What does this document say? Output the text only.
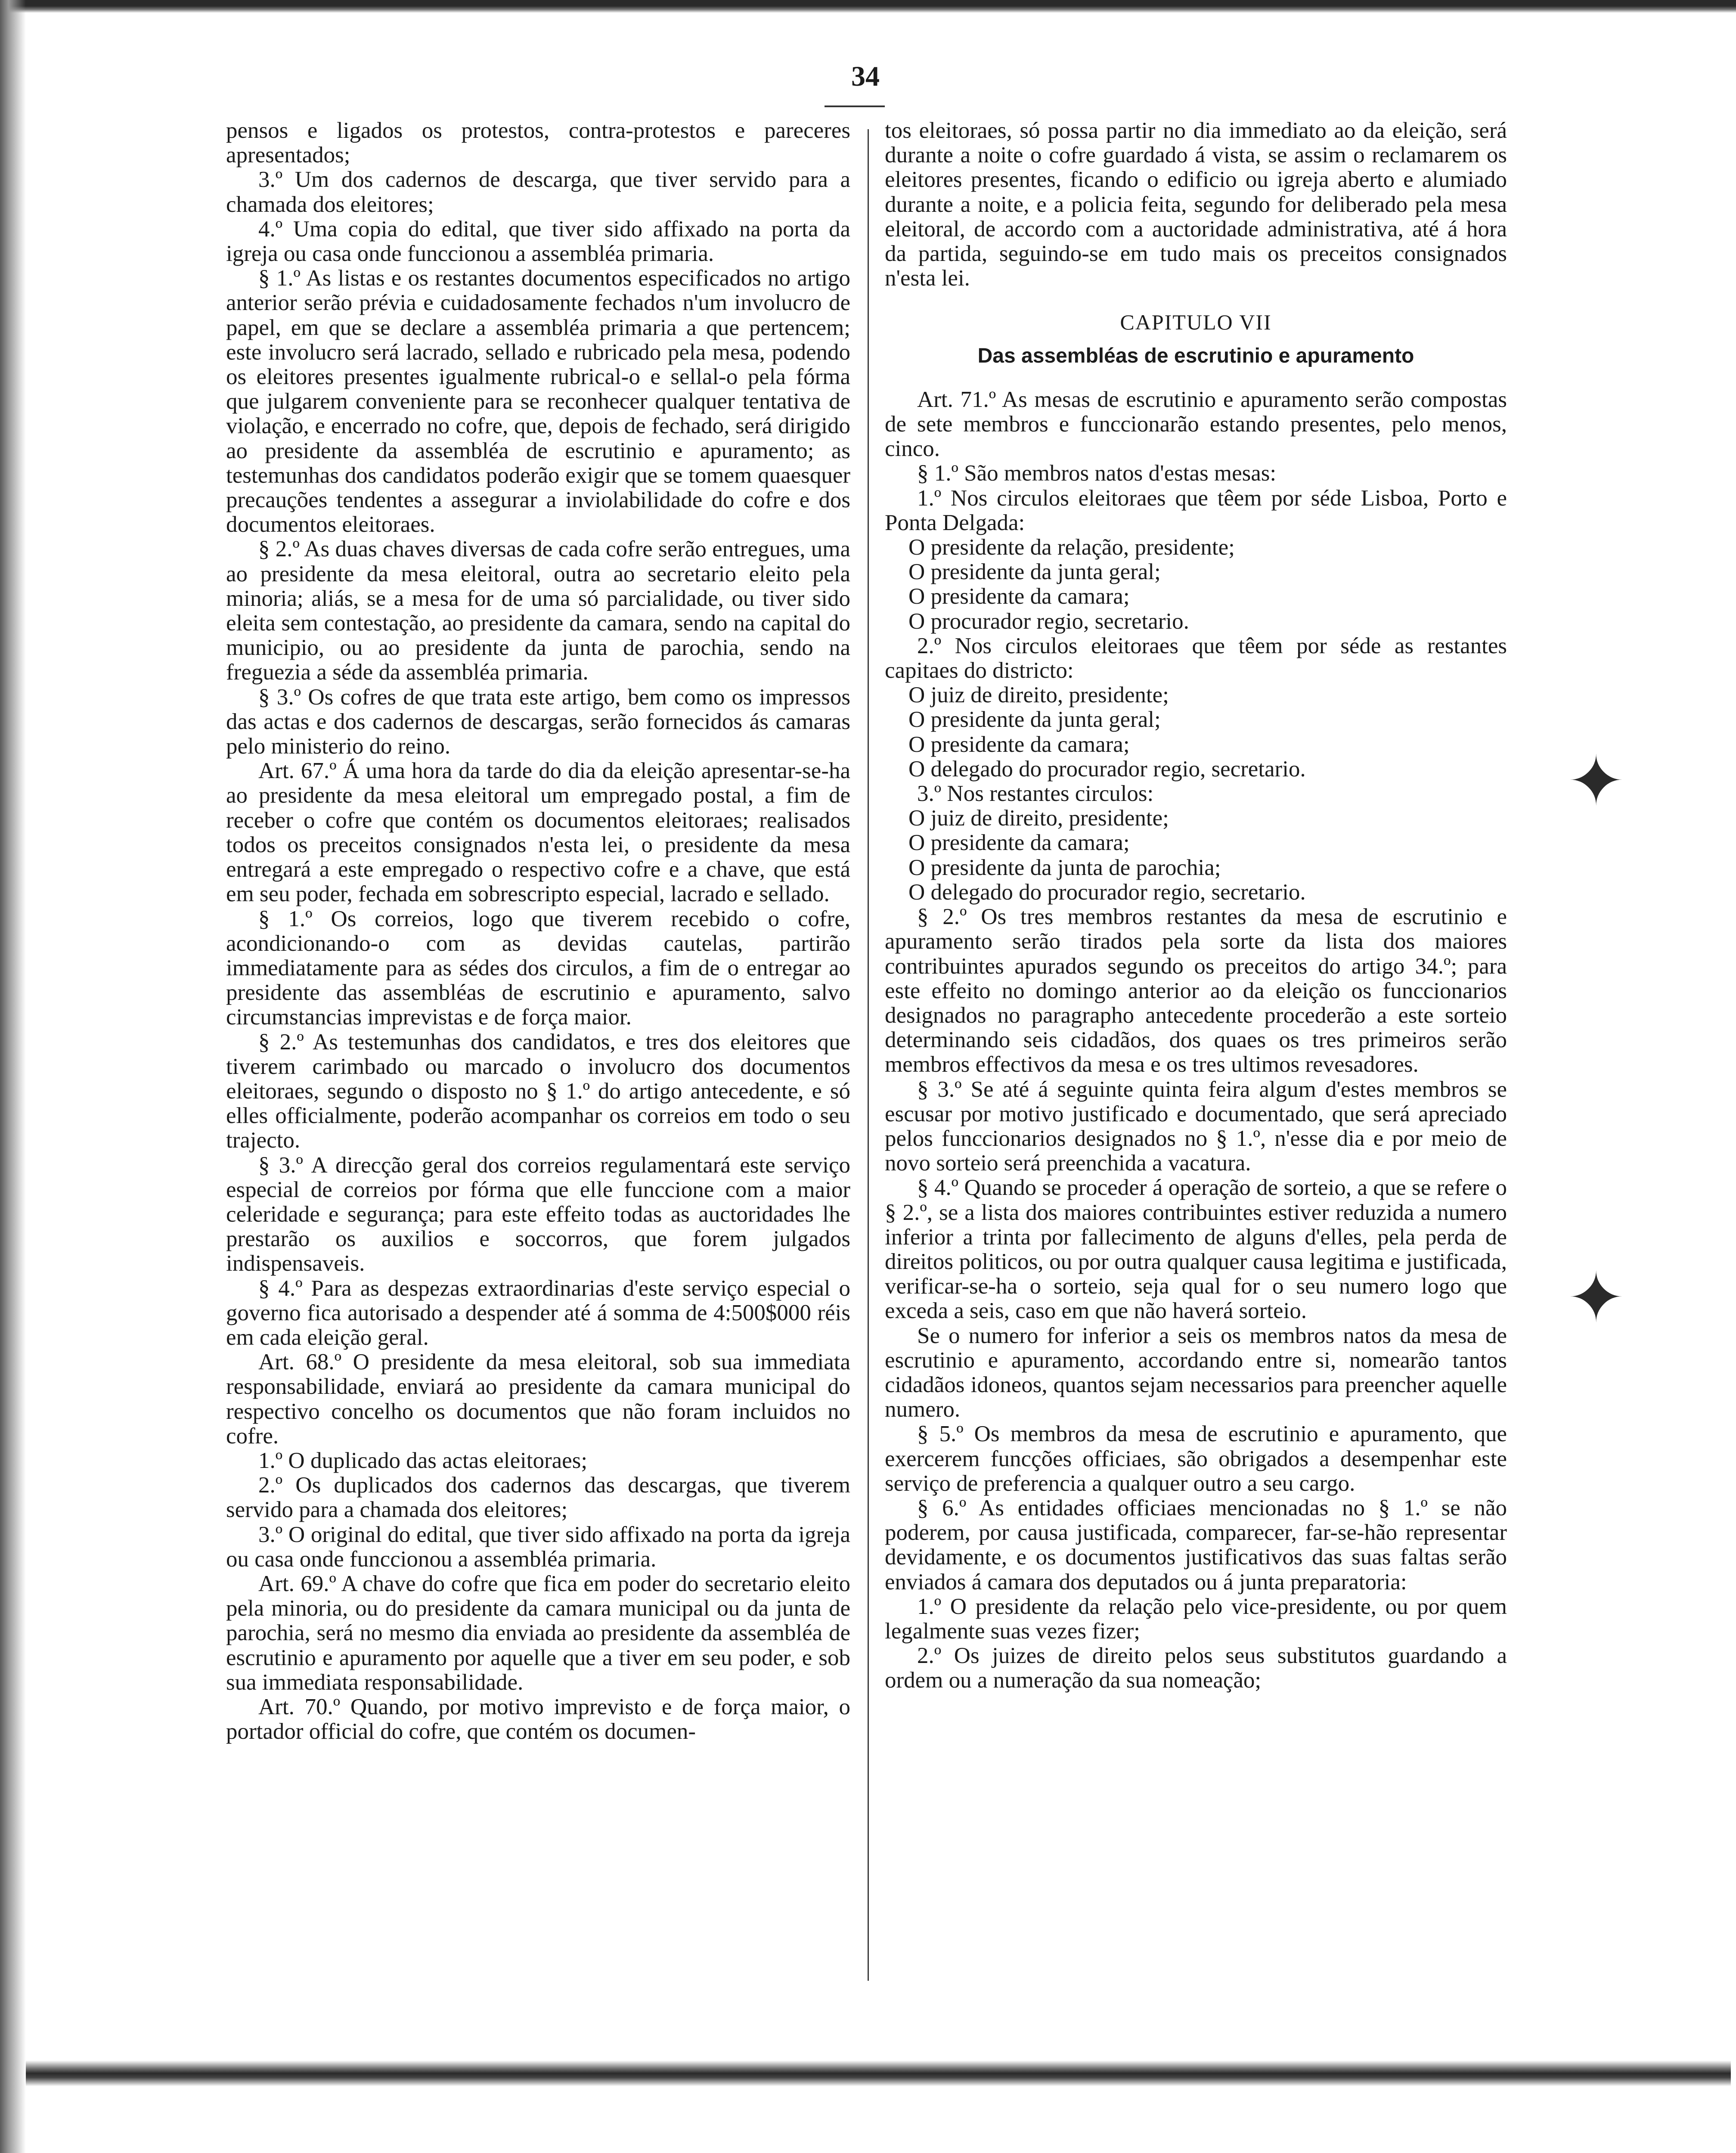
34

pensos e ligados os protestos, contra-protestos e pareceres apresentados;

3.º Um dos cadernos de descarga, que tiver servido para a chamada dos eleitores;

4.º Uma copia do edital, que tiver sido affixado na porta da igreja ou casa onde funccionou a assembléa primaria.

§ 1.º As listas e os restantes documentos especificados no artigo anterior serão prévia e cuidadosamente fechados n'um involucro de papel, em que se declare a assembléa primaria a que pertencem; este involucro será lacrado, sellado e rubricado pela mesa, podendo os eleitores presentes igualmente rubrical-o e sellal-o pela fórma que julgarem conveniente para se reconhecer qualquer tentativa de violação, e encerrado no cofre, que, depois de fechado, será dirigido ao presidente da assembléa de escrutinio e apuramento; as testemunhas dos candidatos poderão exigir que se tomem quaesquer precauções tendentes a assegurar a inviolabilidade do cofre e dos documentos eleitoraes.

§ 2.º As duas chaves diversas de cada cofre serão entregues, uma ao presidente da mesa eleitoral, outra ao secretario eleito pela minoria; aliás, se a mesa for de uma só parcialidade, ou tiver sido eleita sem contestação, ao presidente da camara, sendo na capital do municipio, ou ao presidente da junta de parochia, sendo na freguezia a séde da assembléa primaria.

§ 3.º Os cofres de que trata este artigo, bem como os impressos das actas e dos cadernos de descargas, serão fornecidos ás camaras pelo ministerio do reino.

Art. 67.º Á uma hora da tarde do dia da eleição apresentar-se-ha ao presidente da mesa eleitoral um empregado postal, a fim de receber o cofre que contém os documentos eleitoraes; realisados todos os preceitos consignados n'esta lei, o presidente da mesa entregará a este empregado o respectivo cofre e a chave, que está em seu poder, fechada em sobrescripto especial, lacrado e sellado.

§ 1.º Os correios, logo que tiverem recebido o cofre, acondicionando-o com as devidas cautelas, partirão immediatamente para as sédes dos circulos, a fim de o entregar ao presidente das assembléas de escrutinio e apuramento, salvo circumstancias imprevistas e de força maior.

§ 2.º As testemunhas dos candidatos, e tres dos eleitores que tiverem carimbado ou marcado o involucro dos documentos eleitoraes, segundo o disposto no § 1.º do artigo antecedente, e só elles officialmente, poderão acompanhar os correios em todo o seu trajecto.

§ 3.º A direcção geral dos correios regulamentará este serviço especial de correios por fórma que elle funccione com a maior celeridade e segurança; para este effeito todas as auctoridades lhe prestarão os auxilios e soccorros, que forem julgados indispensaveis.

§ 4.º Para as despezas extraordinarias d'este serviço especial o governo fica autorisado a despender até á somma de 4:500$000 réis em cada eleição geral.

Art. 68.º O presidente da mesa eleitoral, sob sua immediata responsabilidade, enviará ao presidente da camara municipal do respectivo concelho os documentos que não foram incluidos no cofre.

1.º O duplicado das actas eleitoraes;

2.º Os duplicados dos cadernos das descargas, que tiverem servido para a chamada dos eleitores;

3.º O original do edital, que tiver sido affixado na porta da igreja ou casa onde funccionou a assembléa primaria.

Art. 69.º A chave do cofre que fica em poder do secretario eleito pela minoria, ou do presidente da camara municipal ou da junta de parochia, será no mesmo dia enviada ao presidente da assembléa de escrutinio e apuramento por aquelle que a tiver em seu poder, e sob sua immediata responsabilidade.

Art. 70.º Quando, por motivo imprevisto e de força maior, o portador official do cofre, que contém os documen-

tos eleitoraes, só possa partir no dia immediato ao da eleição, será durante a noite o cofre guardado á vista, se assim o reclamarem os eleitores presentes, ficando o edificio ou igreja aberto e alumiado durante a noite, e a policia feita, segundo for deliberado pela mesa eleitoral, de accordo com a auctoridade administrativa, até á hora da partida, seguindo-se em tudo mais os preceitos consignados n'esta lei.

CAPITULO VII
Das assembléas de escrutinio e apuramento

Art. 71.º As mesas de escrutinio e apuramento serão compostas de sete membros e funccionarão estando presentes, pelo menos, cinco.

§ 1.º São membros natos d'estas mesas:

1.º Nos circulos eleitoraes que têem por séde Lisboa, Porto e Ponta Delgada:

O presidente da relação, presidente;

O presidente da junta geral;

O presidente da camara;

O procurador regio, secretario.

2.º Nos circulos eleitoraes que têem por séde as restantes capitaes do districto:

O juiz de direito, presidente;

O presidente da junta geral;

O presidente da camara;

O delegado do procurador regio, secretario.

3.º Nos restantes circulos:

O juiz de direito, presidente;

O presidente da camara;

O presidente da junta de parochia;

O delegado do procurador regio, secretario.

§ 2.º Os tres membros restantes da mesa de escrutinio e apuramento serão tirados pela sorte da lista dos maiores contribuintes apurados segundo os preceitos do artigo 34.º; para este effeito no domingo anterior ao da eleição os funccionarios designados no paragrapho antecedente procederão a este sorteio determinando seis cidadãos, dos quaes os tres primeiros serão membros effectivos da mesa e os tres ultimos revesadores.

§ 3.º Se até á seguinte quinta feira algum d'estes membros se escusar por motivo justificado e documentado, que será apreciado pelos funccionarios designados no § 1.º, n'esse dia e por meio de novo sorteio será preenchida a vacatura.

§ 4.º Quando se proceder á operação de sorteio, a que se refere o § 2.º, se a lista dos maiores contribuintes estiver reduzida a numero inferior a trinta por fallecimento de alguns d'elles, pela perda de direitos politicos, ou por outra qualquer causa legitima e justificada, verificar-se-ha o sorteio, seja qual for o seu numero logo que exceda a seis, caso em que não haverá sorteio.

Se o numero for inferior a seis os membros natos da mesa de escrutinio e apuramento, accordando entre si, nomearão tantos cidadãos idoneos, quantos sejam necessarios para preencher aquelle numero.

§ 5.º Os membros da mesa de escrutinio e apuramento, que exercerem funcções officiaes, são obrigados a desempenhar este serviço de preferencia a qualquer outro a seu cargo.

§ 6.º As entidades officiaes mencionadas no § 1.º se não poderem, por causa justificada, comparecer, far-se-hão representar devidamente, e os documentos justificativos das suas faltas serão enviados á camara dos deputados ou á junta preparatoria:

1.º O presidente da relação pelo vice-presidente, ou por quem legalmente suas vezes fizer;

2.º Os juizes de direito pelos seus substitutos guardando a ordem ou a numeração da sua nomeação;

✦
✦
